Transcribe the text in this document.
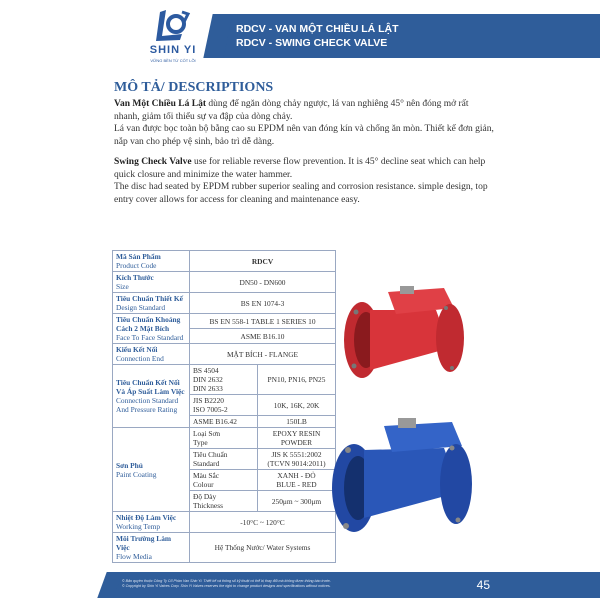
SHIN YI
VỮNG BỀN TỪ CỐT LÕI
RDCV - VAN MỘT CHIỀU LÁ LẬT
RDCV - SWING CHECK VALVE
MÔ TẢ/ DESCRIPTIONS
Van Một Chiều Lá Lật dùng để ngăn dòng chảy ngược, lá van nghiêng 45° nên đóng mở rất nhanh, giảm tối thiểu sự va đập của dòng chảy.
Lá van được bọc toàn bộ bằng cao su EPDM nên van đóng kín và chống ăn mòn. Thiết kế đơn giản, nắp van cho phép vệ sinh, bảo trì dễ dàng.
Swing Check Valve use for reliable reverse flow prevention. It is 45° decline seat which can help quick closure and minimize the water hammer.
The disc had seated by EPDM rubber superior sealing and corrosion resistance. simple design, top entry cover allows for access for cleaning and maintenance easy.
Mã Sản Phẩm
Product Code	RDCV	

Kích Thước
Size	DN50 - DN600	

Tiêu Chuẩn Thiết Kế
Design Standard	BS EN 1074-3	

Tiêu Chuẩn Khoảng Cách 2 Mặt Bích
Face To Face Standard	BS EN 558-1 TABLE 1 SERIES 10	
	ASME B16.10	

Kiểu Kết Nối
Connection End	MẶT BÍCH - FLANGE	

Tiêu Chuẩn Kết Nối Và Áp Suất Làm Việc
Connection Standard And Pressure Rating	BS 4504
DIN 2632
DIN 2633	PN10, PN16, PN25
	JIS B2220
ISO 7005-2	10K, 16K, 20K
	ASME B16.42	150LB

Sơn Phủ
Paint Coating	Loại Sơn
Type	EPOXY RESIN
POWDER
	Tiêu Chuẩn
Standard	JIS K 5551:2002
(TCVN 9014:2011)
	Màu Sắc
Colour	XANH - ĐỎ
BLUE - RED
	Độ Dày
Thickness	250μm ~ 300μm

Nhiệt Độ Làm Việc
Working Temp	-10°C ~ 120°C	

Môi Trường Làm Việc
Flow Media	Hệ Thống Nước/ Water Systems	
© Bản quyền thuộc Công Ty Cổ Phần Van Shin Yi. Thiết kế và thông số kỹ thuật có thể bị thay đổi mà không được thông báo trước.
© Copyright by Shin Yi Valves Corp. Shin Yi Valves reserves the right to change product designs and specifications without notices.	45
